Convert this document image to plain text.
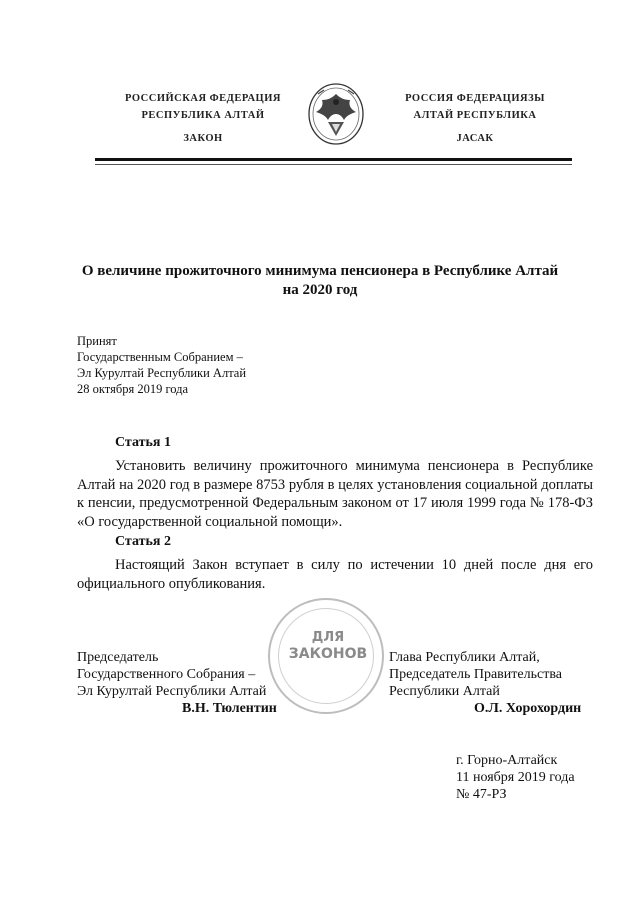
РОССИЙСКАЯ ФЕДЕРАЦИЯ
РЕСПУБЛИКА АЛТАЙ
ЗАКОН
РОССИЯ ФЕДЕРАЦИЯЗЫ
АЛТАЙ РЕСПУБЛИКА
JАСАК
О величине прожиточного минимума пенсионера в Республике Алтай
на 2020 год
Принят
Государственным Собранием –
Эл Курултай Республики Алтай
28 октября 2019 года
Статья 1
Установить величину прожиточного минимума пенсионера в Республике Алтай на 2020 год в размере 8753 рубля в целях установления социальной доплаты к пенсии, предусмотренной Федеральным законом от 17 июля 1999 года № 178-ФЗ «О государственной социальной помощи».
Статья 2
Настоящий Закон вступает в силу по истечении 10 дней после дня его официального опубликования.
ДЛЯ
ЗАКОНОВ
Председатель
Государственного Собрания –
Эл Курултай Республики Алтай
В.Н. Тюлентин
Глава Республики Алтай,
Председатель Правительства
Республики Алтай
О.Л. Хорохордин
г. Горно-Алтайск
11 ноября 2019 года
№ 47-РЗ
